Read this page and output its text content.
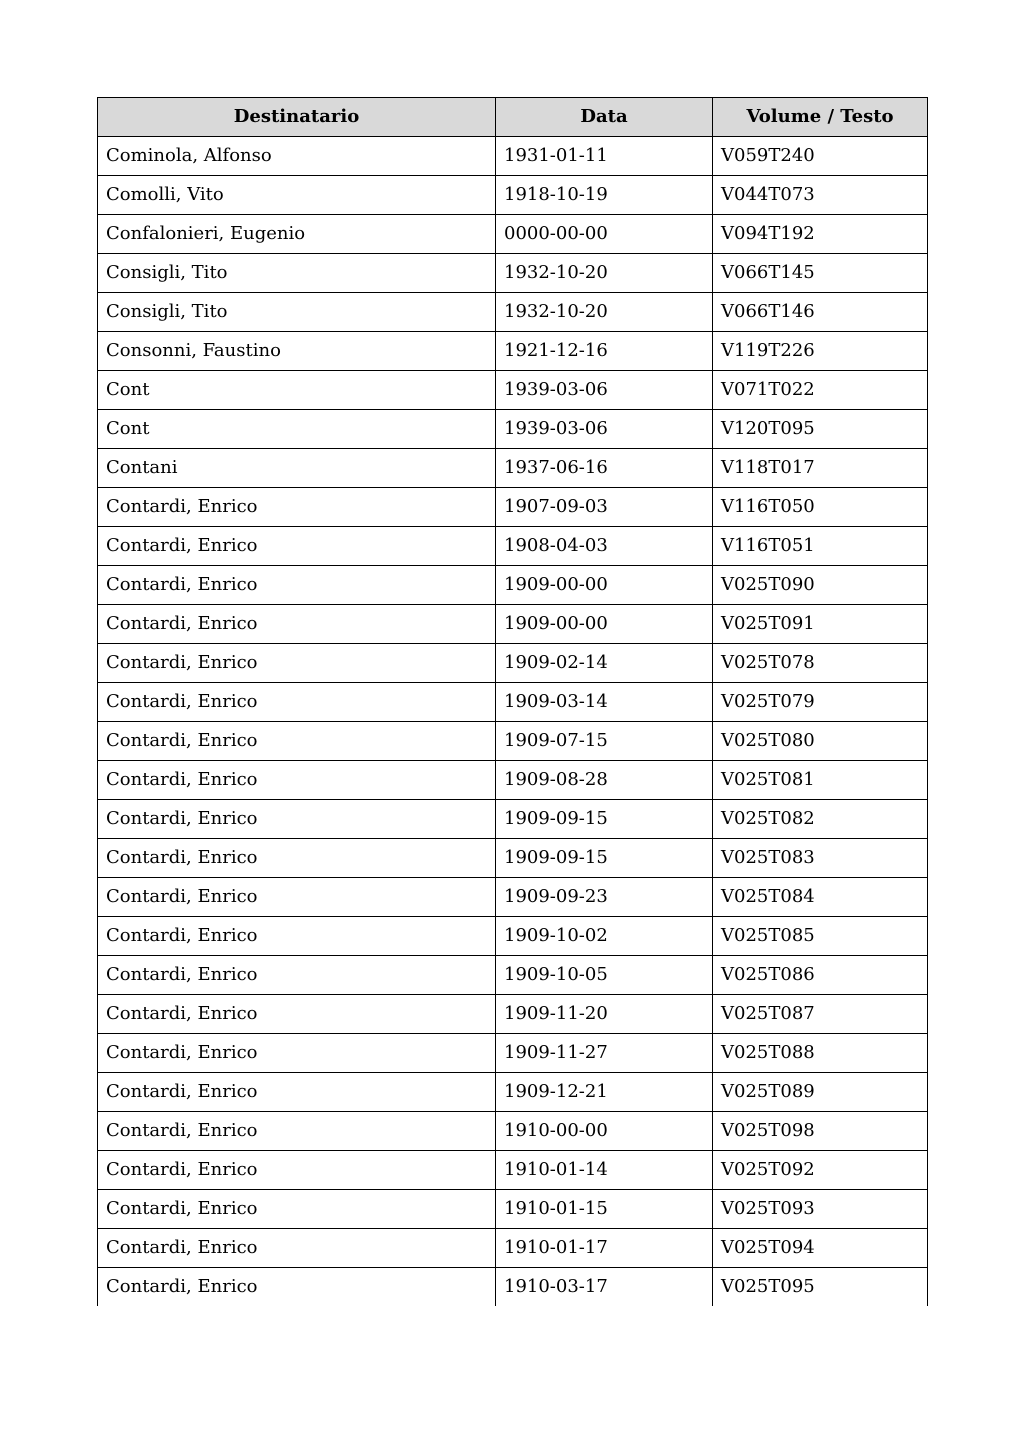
Destinatario	Data	Volume / Testo
Cominola, Alfonso	1931-01-11	V059T240
Comolli, Vito	1918-10-19	V044T073
Confalonieri, Eugenio	0000-00-00	V094T192
Consigli, Tito	1932-10-20	V066T145
Consigli, Tito	1932-10-20	V066T146
Consonni, Faustino	1921-12-16	V119T226
Cont	1939-03-06	V071T022
Cont	1939-03-06	V120T095
Contani	1937-06-16	V118T017
Contardi, Enrico	1907-09-03	V116T050
Contardi, Enrico	1908-04-03	V116T051
Contardi, Enrico	1909-00-00	V025T090
Contardi, Enrico	1909-00-00	V025T091
Contardi, Enrico	1909-02-14	V025T078
Contardi, Enrico	1909-03-14	V025T079
Contardi, Enrico	1909-07-15	V025T080
Contardi, Enrico	1909-08-28	V025T081
Contardi, Enrico	1909-09-15	V025T082
Contardi, Enrico	1909-09-15	V025T083
Contardi, Enrico	1909-09-23	V025T084
Contardi, Enrico	1909-10-02	V025T085
Contardi, Enrico	1909-10-05	V025T086
Contardi, Enrico	1909-11-20	V025T087
Contardi, Enrico	1909-11-27	V025T088
Contardi, Enrico	1909-12-21	V025T089
Contardi, Enrico	1910-00-00	V025T098
Contardi, Enrico	1910-01-14	V025T092
Contardi, Enrico	1910-01-15	V025T093
Contardi, Enrico	1910-01-17	V025T094
Contardi, Enrico	1910-03-17	V025T095
